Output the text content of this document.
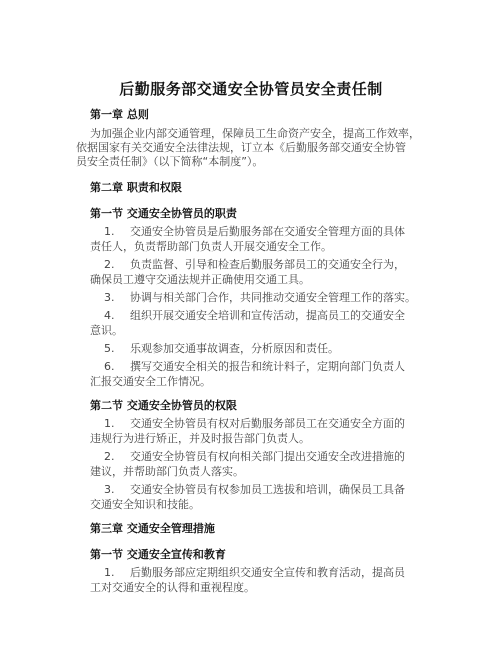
后勤服务部交通安全协管员安全责任制
第一章 总则
为加强企业内部交通管理，保障员工生命资产安全，提高工作效率，
依据国家有关交通安全法律法规，订立本《后勤服务部交通安全协管
员安全责任制》（以下简称“本制度”）。
第二章 职责和权限
第一节 交通安全协管员的职责
1. 交通安全协管员是后勤服务部在交通安全管理方面的具体
责任人，负责帮助部门负责人开展交通安全工作。
2. 负责监督、引导和检查后勤服务部员工的交通安全行为，
确保员工遵守交通法规并正确使用交通工具。
3. 协调与相关部门合作，共同推动交通安全管理工作的落实。
4. 组织开展交通安全培训和宣传活动，提高员工的交通安全
意识。
5. 乐观参加交通事故调查，分析原因和责任。
6. 撰写交通安全相关的报告和统计料子，定期向部门负责人
汇报交通安全工作情况。
第二节 交通安全协管员的权限
1. 交通安全协管员有权对后勤服务部员工在交通安全方面的
违规行为进行矫正，并及时报告部门负责人。
2. 交通安全协管员有权向相关部门提出交通安全改进措施的
建议，并帮助部门负责人落实。
3. 交通安全协管员有权参加员工选拔和培训，确保员工具备
交通安全知识和技能。
第三章 交通安全管理措施
第一节 交通安全宣传和教育
1. 后勤服务部应定期组织交通安全宣传和教育活动，提高员
工对交通安全的认得和重视程度。
